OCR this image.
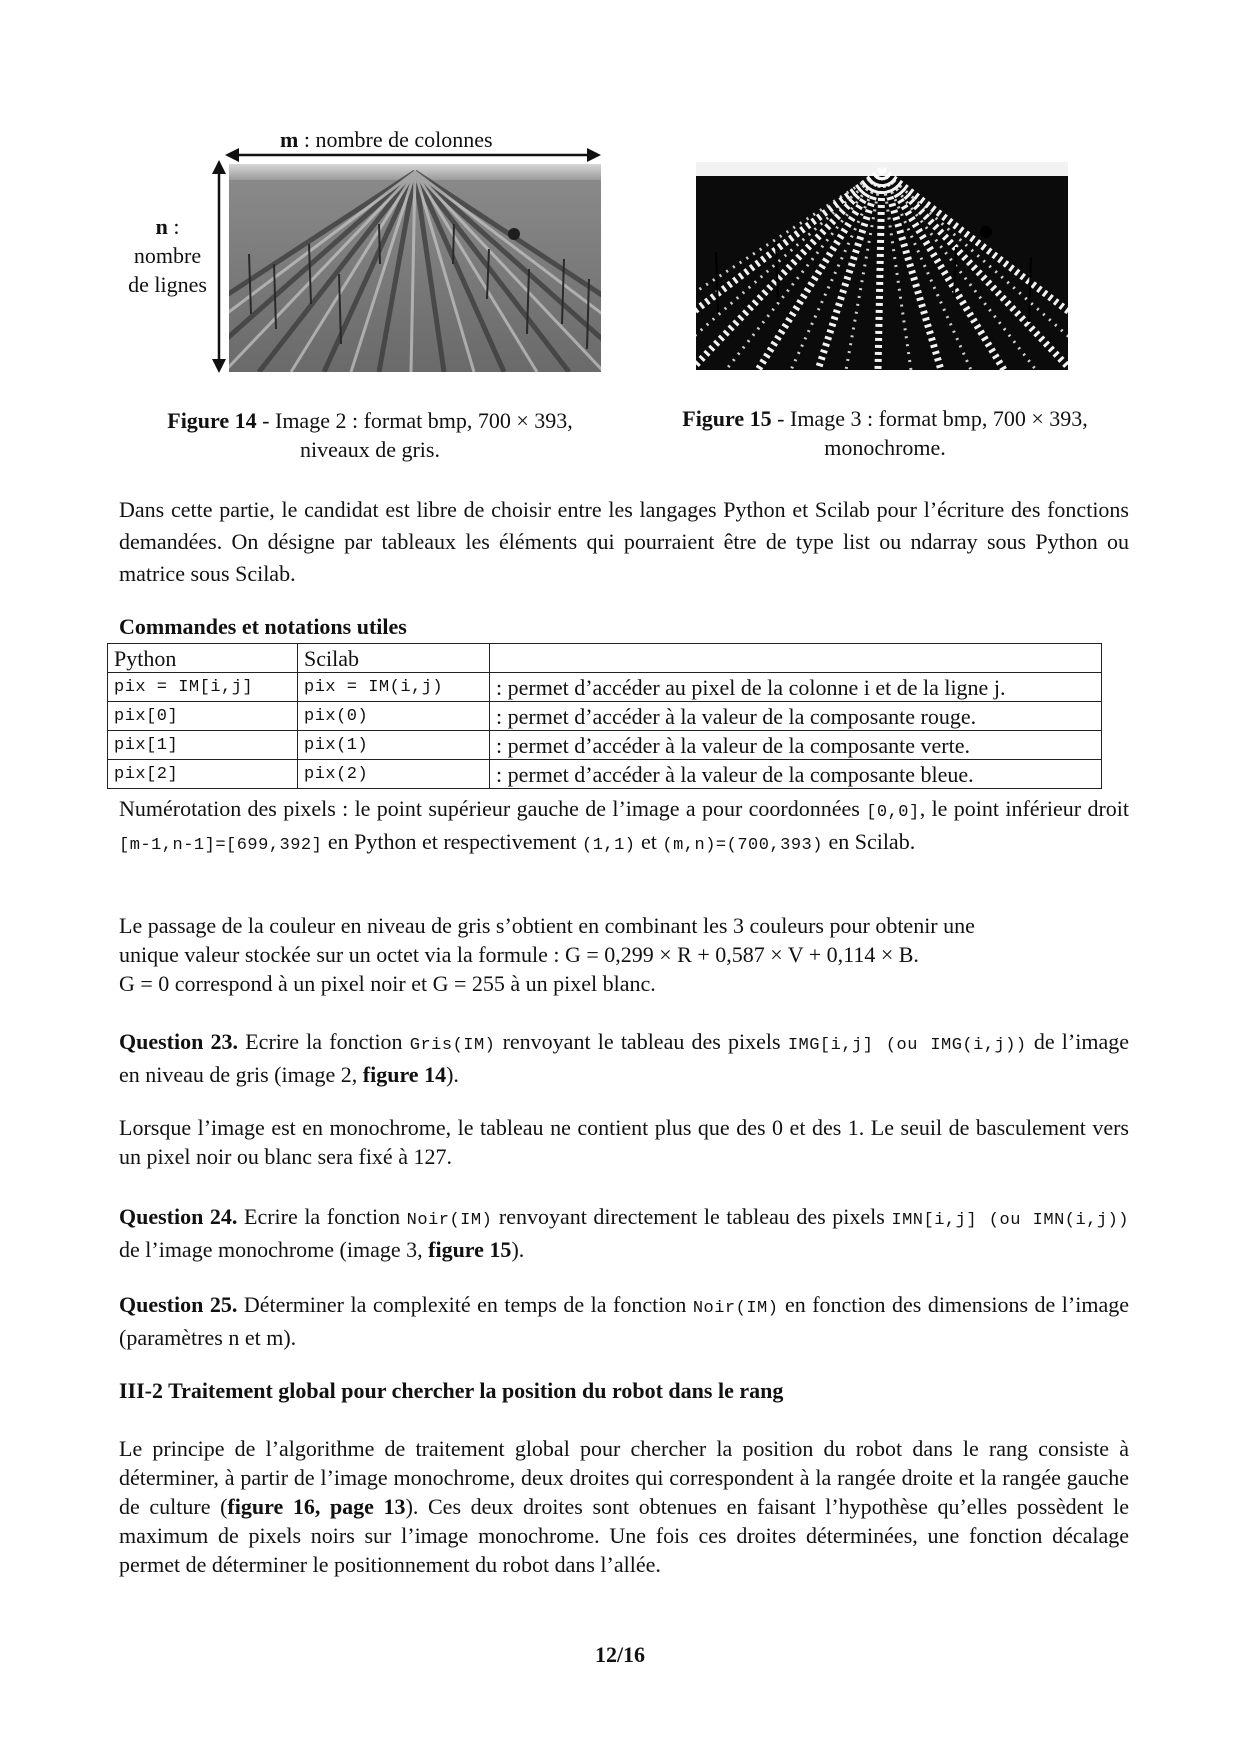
m : nombre de colonnes
n :
nombre
de lignes
Figure 14 - Image 2 : format bmp, 700 × 393,
niveaux de gris.
Figure 15 - Image 3 : format bmp, 700 × 393,
monochrome.
Dans cette partie, le candidat est libre de choisir entre les langages Python et Scilab pour l’écriture des fonctions demandées. On désigne par tableaux les éléments qui pourraient être de type list ou ndarray sous Python ou matrice sous Scilab.
Commandes et notations utiles
Python	Scilab	
pix = IM[i,j]	pix = IM(i,j)	: permet d’accéder au pixel de la colonne i et de la ligne j.
pix[0]	pix(0)	: permet d’accéder à la valeur de la composante rouge.
pix[1]	pix(1)	: permet d’accéder à la valeur de la composante verte.
pix[2]	pix(2)	: permet d’accéder à la valeur de la composante bleue.
Numérotation des pixels : le point supérieur gauche de l’image a pour coordonnées [0,0], le point inférieur droit [m-1,n-1]=[699,392] en Python et respectivement (1,1) et (m,n)=(700,393) en Scilab.
Le passage de la couleur en niveau de gris s’obtient en combinant les 3 couleurs pour obtenir une
unique valeur stockée sur un octet via la formule : G = 0,299 × R + 0,587 × V + 0,114 × B.
G = 0 correspond à un pixel noir et G = 255 à un pixel blanc.
Question 23. Ecrire la fonction Gris(IM) renvoyant le tableau des pixels IMG[i,j] (ou IMG(i,j)) de l’image en niveau de gris (image 2, figure 14).
Lorsque l’image est en monochrome, le tableau ne contient plus que des 0 et des 1. Le seuil de basculement vers un pixel noir ou blanc sera fixé à 127.
Question 24. Ecrire la fonction Noir(IM) renvoyant directement le tableau des pixels IMN[i,j] (ou IMN(i,j)) de l’image monochrome (image 3, figure 15).
Question 25. Déterminer la complexité en temps de la fonction Noir(IM) en fonction des dimensions de l’image (paramètres n et m).
III-2 Traitement global pour chercher la position du robot dans le rang
Le principe de l’algorithme de traitement global pour chercher la position du robot dans le rang consiste à déterminer, à partir de l’image monochrome, deux droites qui correspondent à la rangée droite et la rangée gauche de culture (figure 16, page 13). Ces deux droites sont obtenues en faisant l’hypothèse qu’elles possèdent le maximum de pixels noirs sur l’image monochrome. Une fois ces droites déterminées, une fonction décalage permet de déterminer le positionnement du robot dans l’allée.
12/16
